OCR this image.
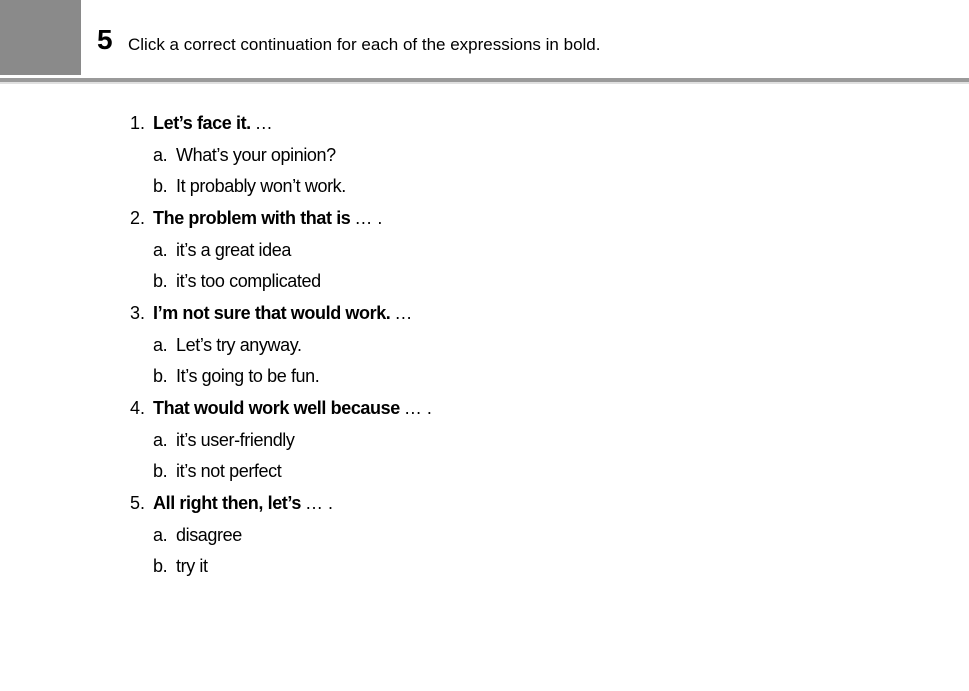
5 Click a correct continuation for each of the expressions in bold.
1. Let’s face it. …
a. What’s your opinion?
b. It probably won’t work.
2. The problem with that is … .
a. it’s a great idea
b. it’s too complicated
3. I’m not sure that would work. …
a. Let’s try anyway.
b. It’s going to be fun.
4. That would work well because … .
a. it’s user-friendly
b. it’s not perfect
5. All right then, let’s … .
a. disagree
b. try it
